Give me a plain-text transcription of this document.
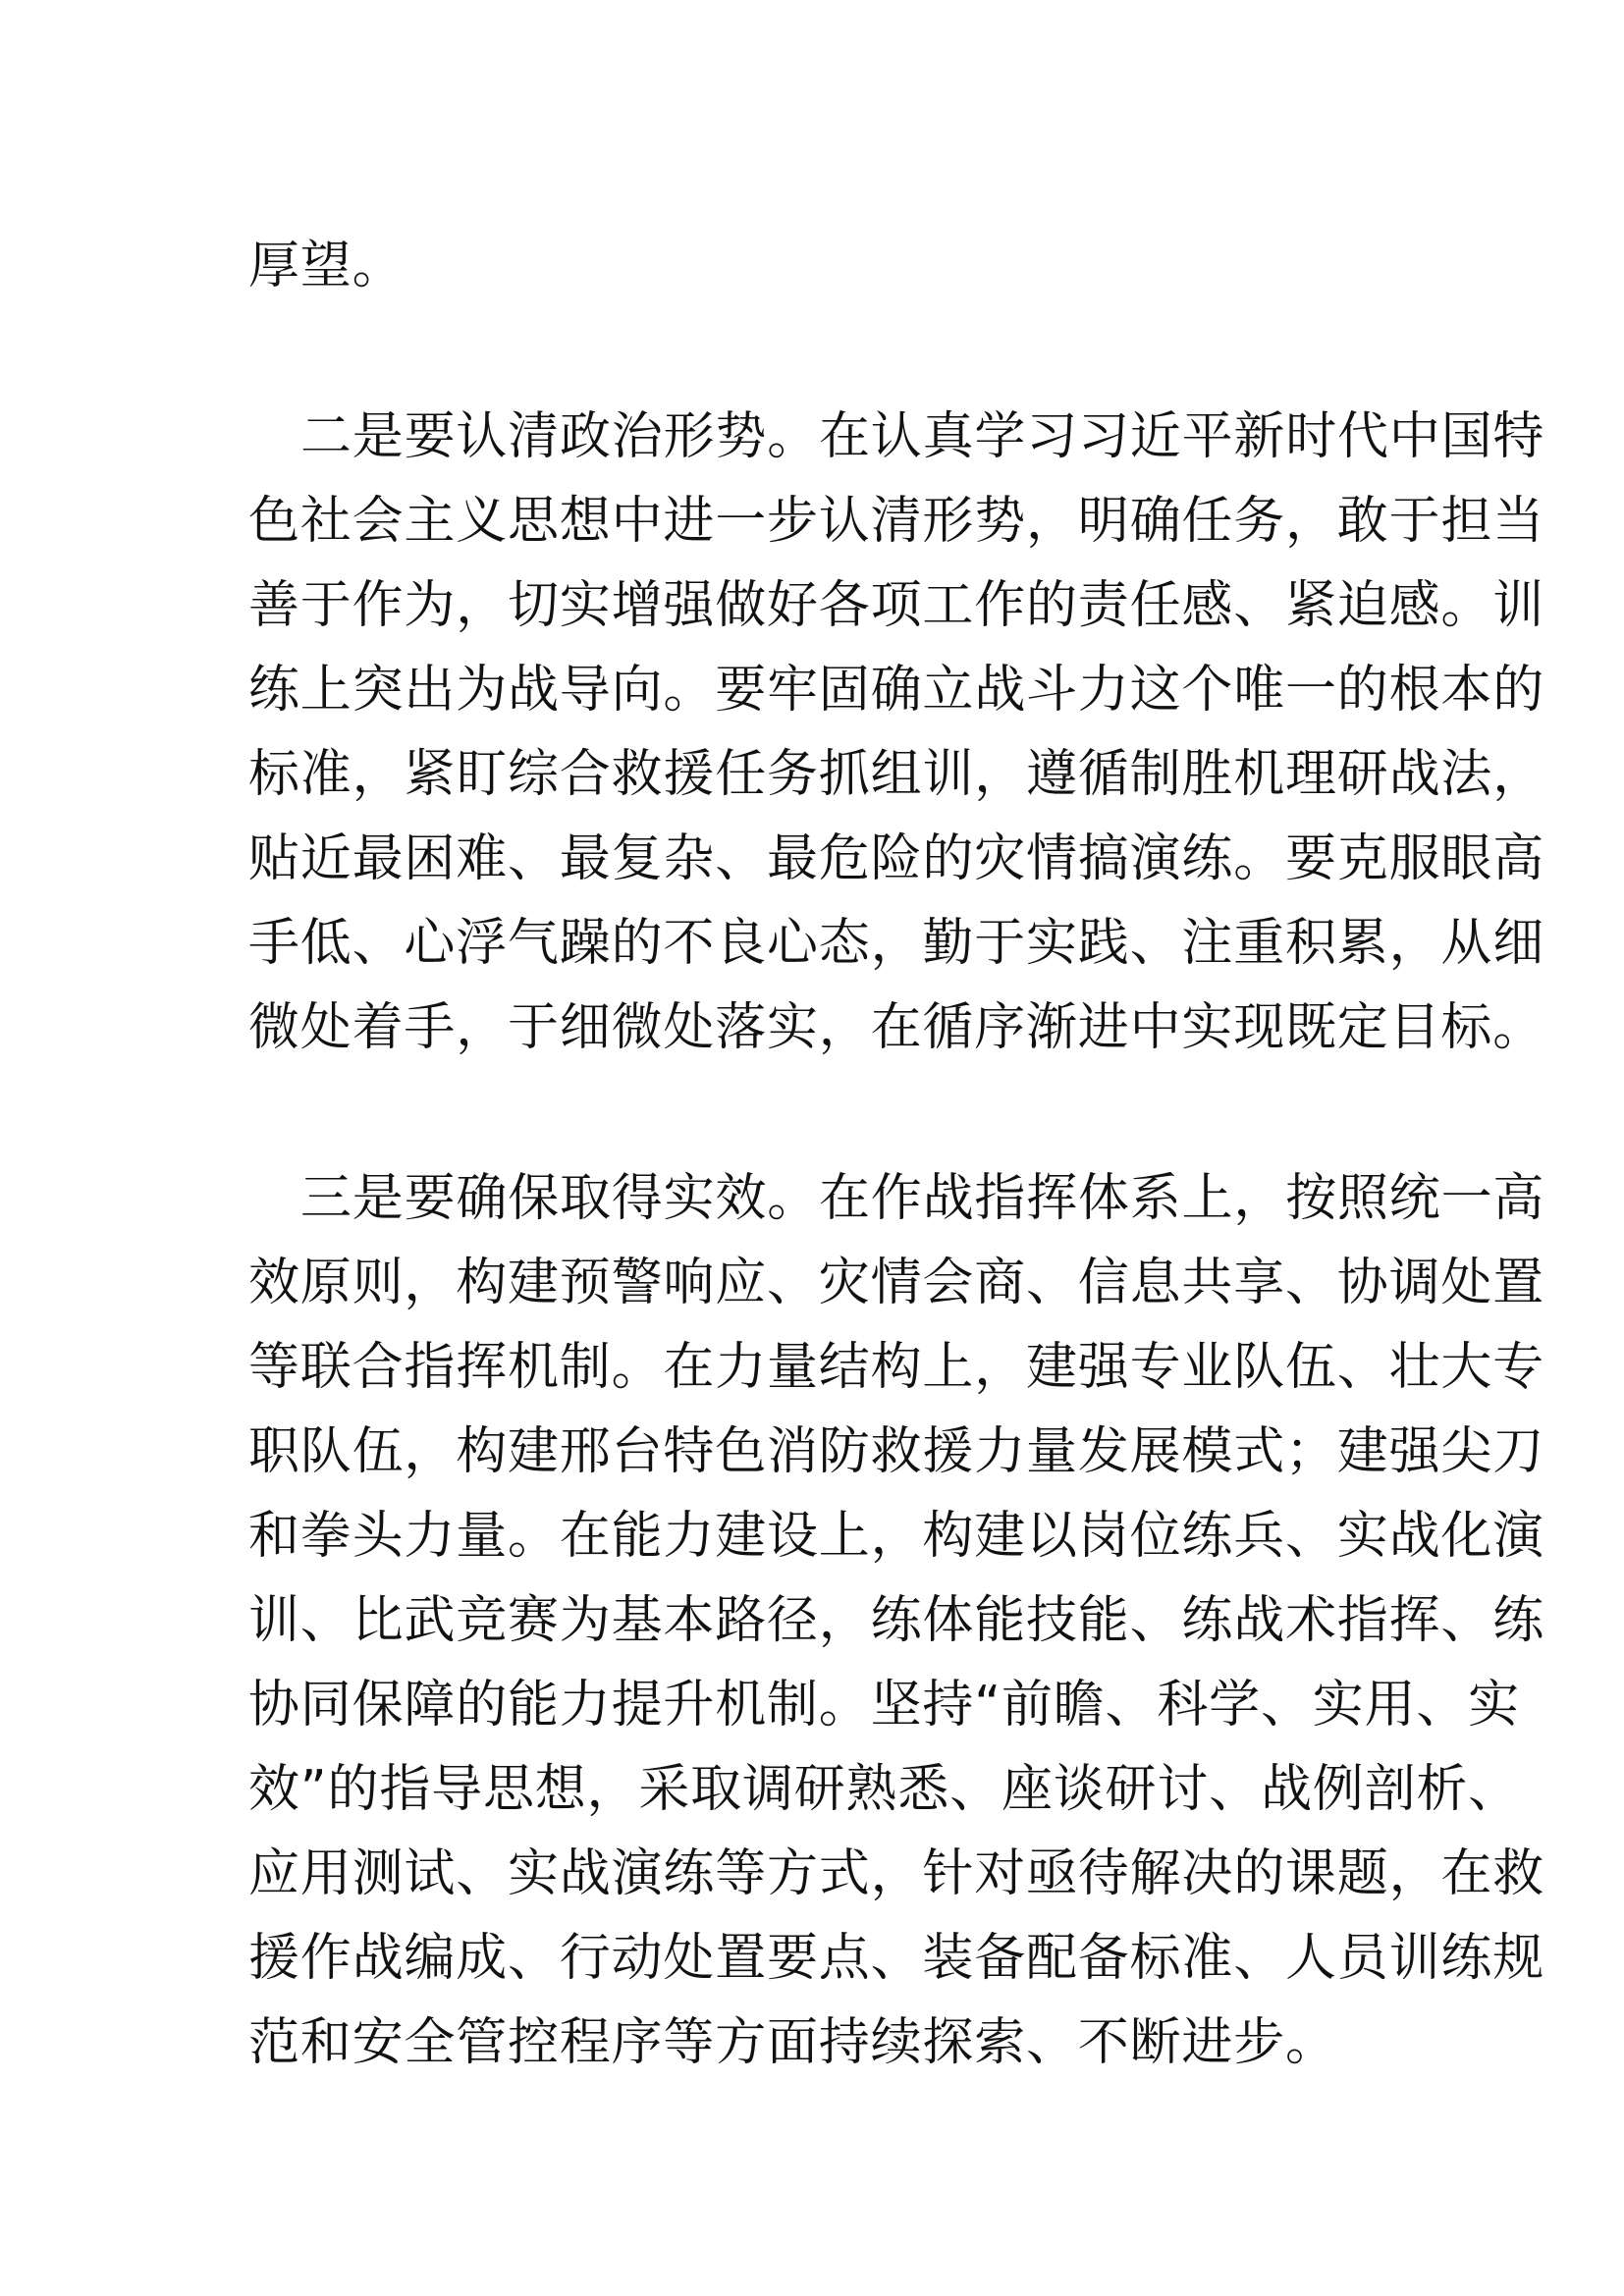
厚望。
二是要认清政治形势。在认真学习习近平新时代中国特
色社会主义思想中进一步认清形势，明确任务，敢于担当
善于作为，切实增强做好各项工作的责任感、紧迫感。训
练上突出为战导向。要牢固确立战斗力这个唯一的根本的
标准，紧盯综合救援任务抓组训，遵循制胜机理研战法，
贴近最困难、最复杂、最危险的灾情搞演练。要克服眼高
手低、心浮气躁的不良心态，勤于实践、注重积累，从细
微处着手，于细微处落实，在循序渐进中实现既定目标。
三是要确保取得实效。在作战指挥体系上，按照统一高
效原则，构建预警响应、灾情会商、信息共享、协调处置
等联合指挥机制。在力量结构上，建强专业队伍、壮大专
职队伍，构建邢台特色消防救援力量发展模式；建强尖刀
和拳头力量。在能力建设上，构建以岗位练兵、实战化演
训、比武竞赛为基本路径，练体能技能、练战术指挥、练
协同保障的能力提升机制。坚持“前瞻、科学、实用、实
效”的指导思想，采取调研熟悉、座谈研讨、战例剖析、
应用测试、实战演练等方式，针对亟待解决的课题，在救
援作战编成、行动处置要点、装备配备标准、人员训练规
范和安全管控程序等方面持续探索、不断进步。
